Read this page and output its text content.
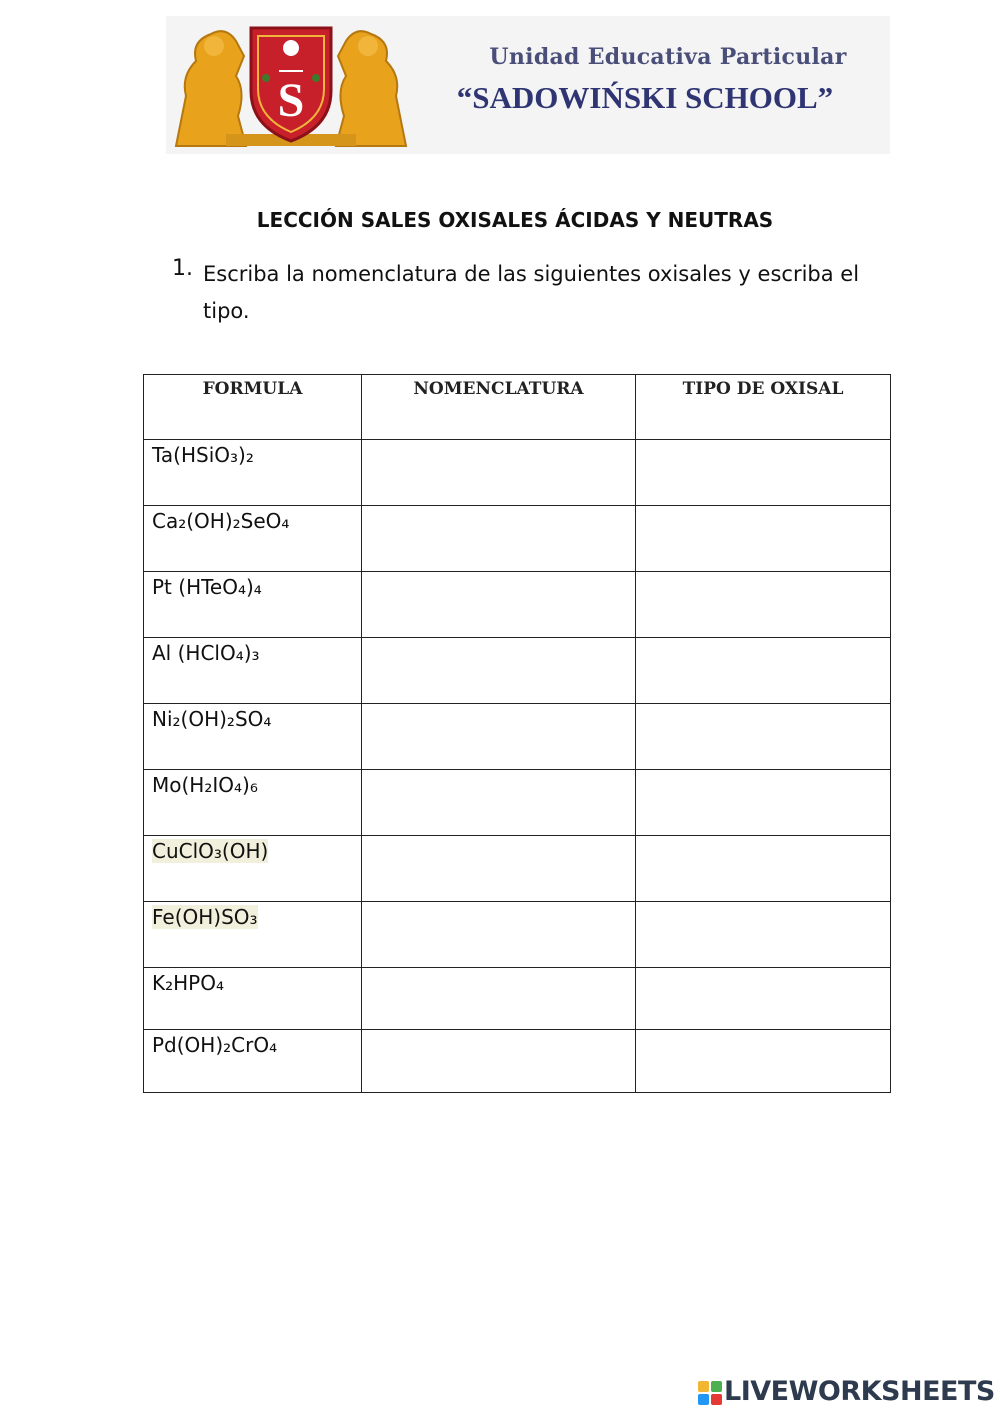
S
Unidad Educativa Particular
“SADOWIŃSKI SCHOOL”
LECCIÓN SALES OXISALES ÁCIDAS Y NEUTRAS
1. Escriba la nomenclatura de las siguientes oxisales y escriba el tipo.
FORMULA	NOMENCLATURA	TIPO DE OXISAL
Ta(HSiO₃)₂		
Ca₂(OH)₂SeO₄		
Pt (HTeO₄)₄		
Al (HClO₄)₃		
Ni₂(OH)₂SO₄		
Mo(H₂IO₄)₆		
CuClO₃(OH)		
Fe(OH)SO₃		
K₂HPO₄		
Pd(OH)₂CrO₄		
LIVEWORKSHEETS
